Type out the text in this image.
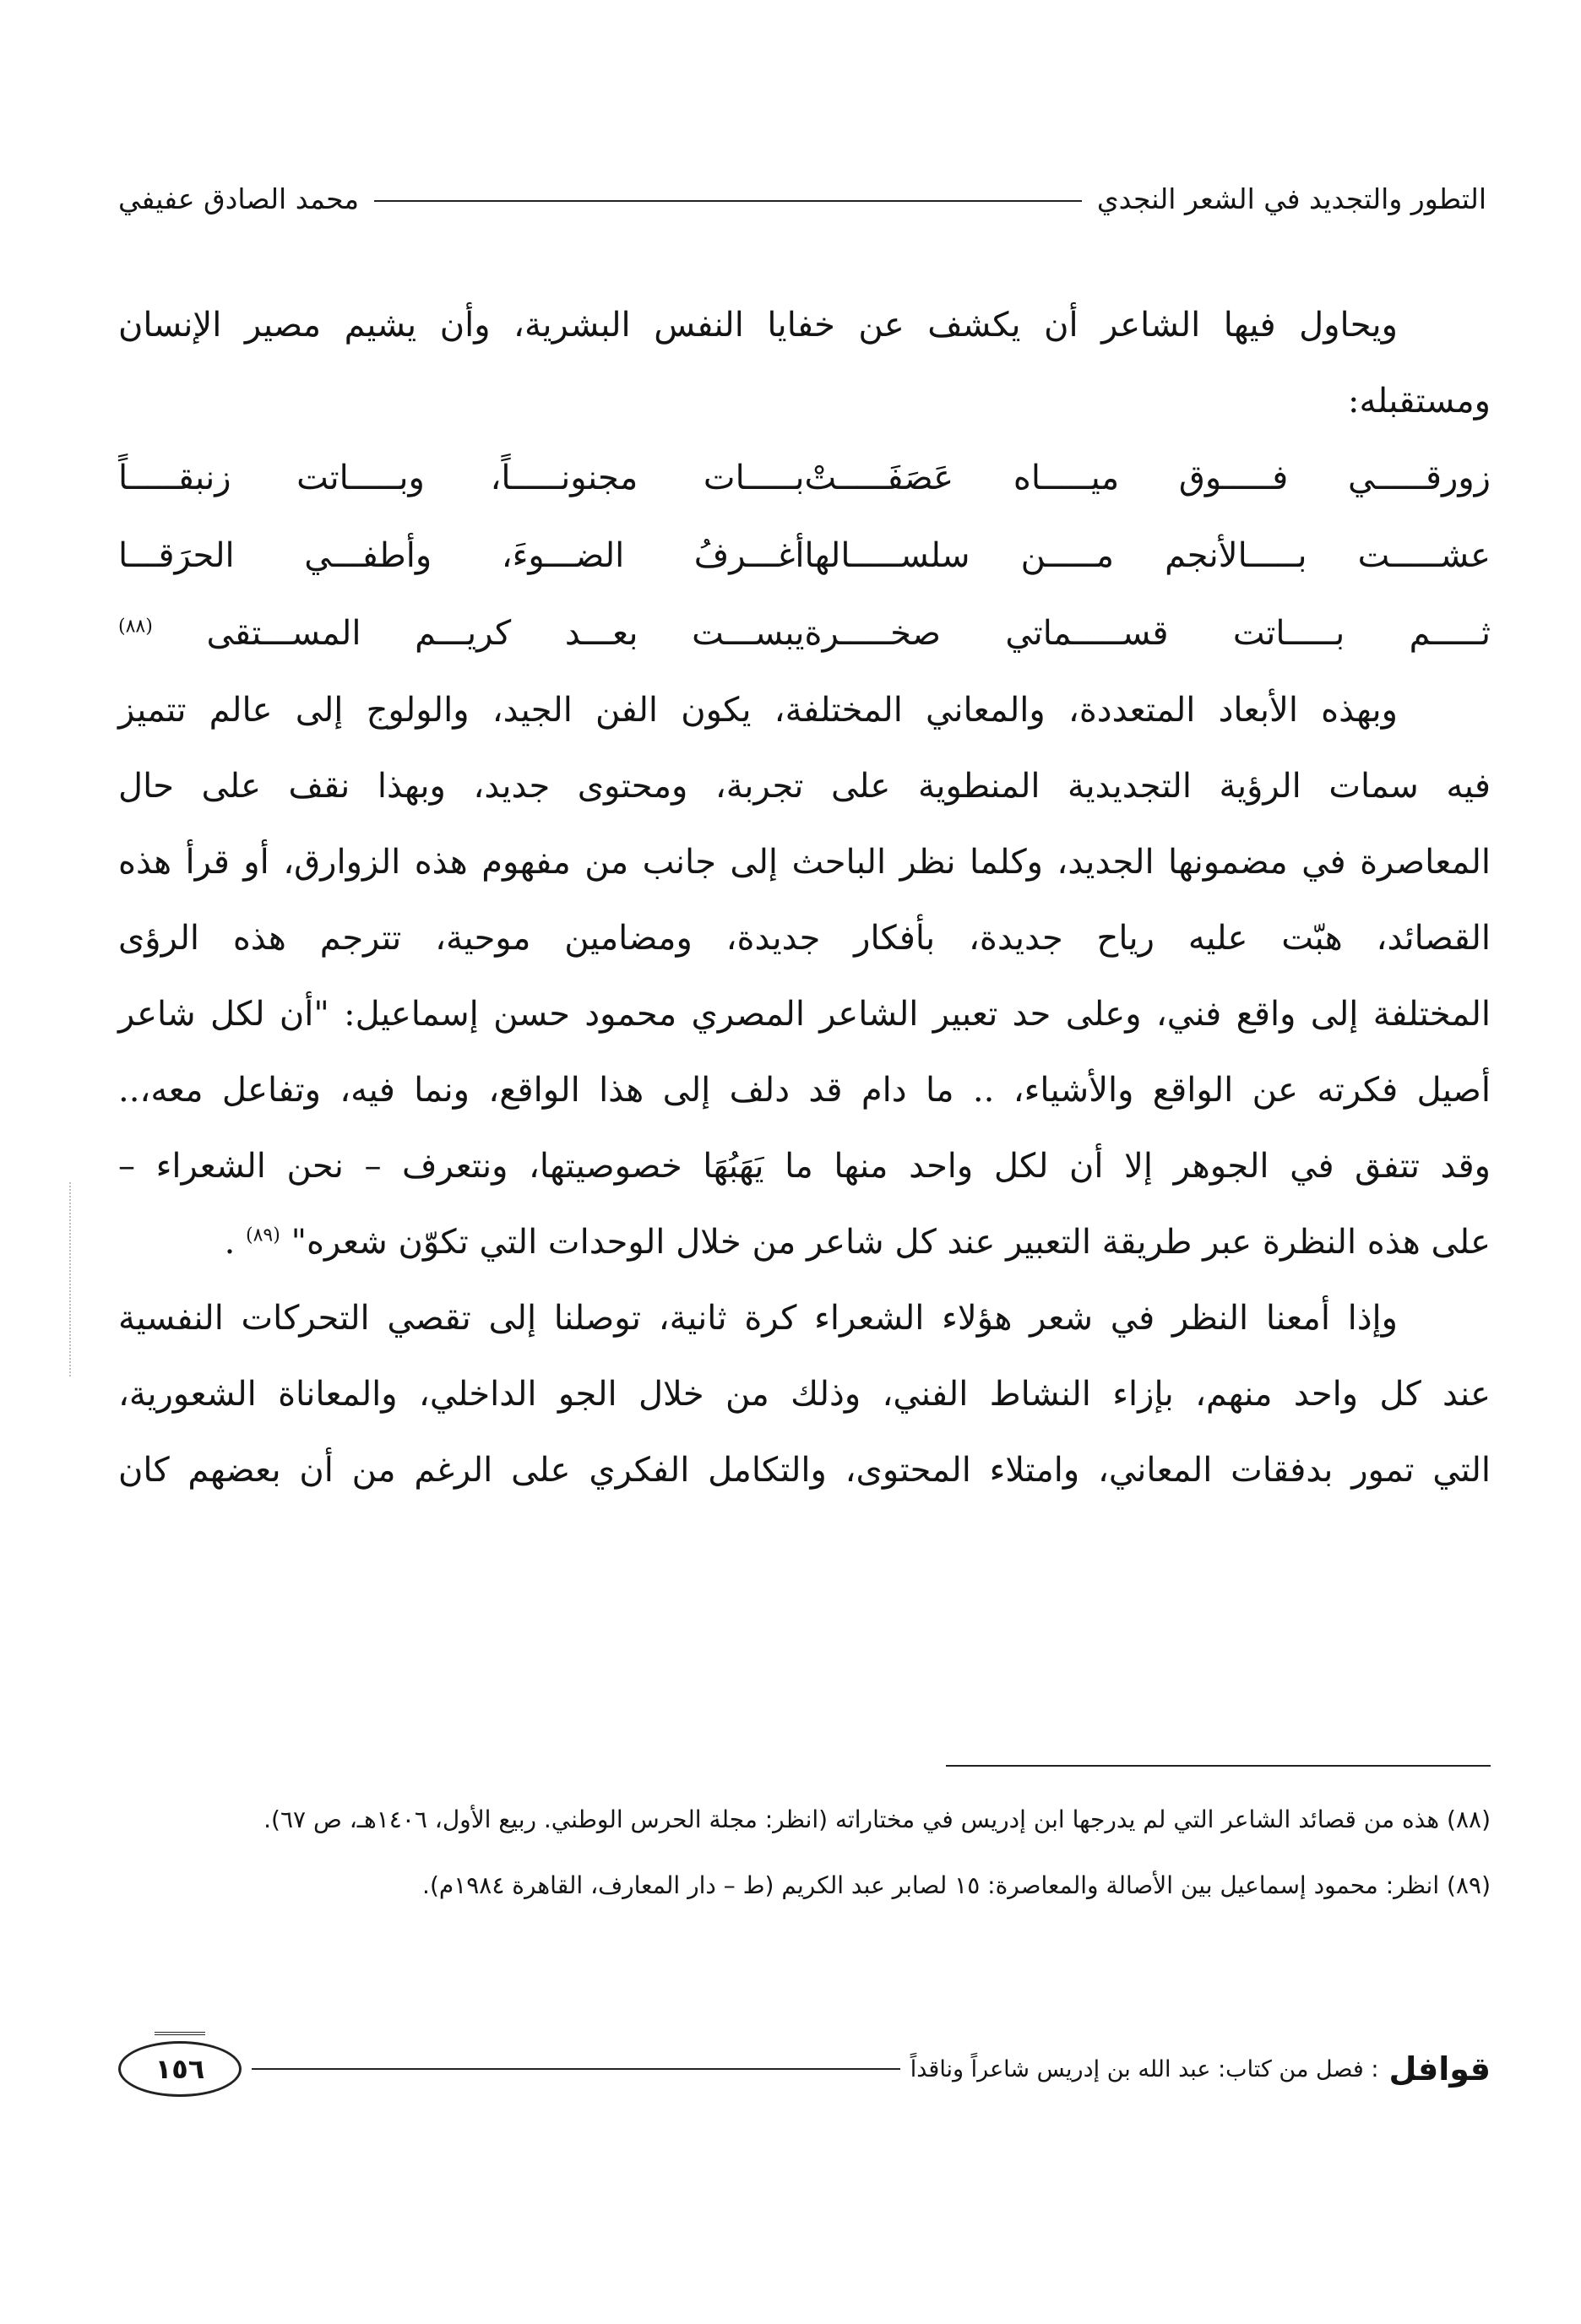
التطور والتجديد في الشعر النجدي
محمد الصادق عفيفي

ويحاول فيها الشاعر أن يكشف عن خفايا النفس البشرية، وأن يشيم مصير الإنسان

ومستقبله:

زورقـــــي فـــــوق ميـــــاه عَصَفَـــــتْ
بـــــات مجنونـــــاً، وبـــــاتت زنبقـــــاً
عشـــــت بـــــالأنجم مـــــن سلســـــالها
أغـــرفُ الضـــوءَ، وأطفـــي الحرَقـــا
ثـــــم بـــــاتت قســـــماتي صخـــــرة
يبســـت بعـــد كريـــم المســـتقى $^{(٨٨)}$

وبهذه الأبعاد المتعددة، والمعاني المختلفة، يكون الفن الجيد، والولوج إلى عالم تتميز

فيه سمات الرؤية التجديدية المنطوية على تجربة، ومحتوى جديد، وبهذا نقف على حال

المعاصرة في مضمونها الجديد، وكلما نظر الباحث إلى جانب من مفهوم هذه الزوارق، أو قرأ هذه

القصائد، هبّت عليه رياح جديدة، بأفكار جديدة، ومضامين موحية، تترجم هذه الرؤى

المختلفة إلى واقع فني، وعلى حد تعبير الشاعر المصري محمود حسن إسماعيل: "أن لكل شاعر

أصيل فكرته عن الواقع والأشياء، .. ما دام قد دلف إلى هذا الواقع، ونما فيه، وتفاعل معه،..

وقد تتفق في الجوهر إلا أن لكل واحد منها ما يَهَبُهَا خصوصيتها، ونتعرف – نحن الشعراء –

على هذه النظرة عبر طريقة التعبير عند كل شاعر من خلال الوحدات التي تكوّن شعره" $^{(٨٩)}$ .

وإذا أمعنا النظر في شعر هؤلاء الشعراء كرة ثانية، توصلنا إلى تقصي التحركات النفسية

عند كل واحد منهم، بإزاء النشاط الفني، وذلك من خلال الجو الداخلي، والمعاناة الشعورية،

التي تمور بدفقات المعاني، وامتلاء المحتوى، والتكامل الفكري على الرغم من أن بعضهم كان

(٨٨) هذه من قصائد الشاعر التي لم يدرجها ابن إدريس في مختاراته (انظر: مجلة الحرس الوطني. ربيع الأول، ١٤٠٦هـ، ص ٦٧).

(٨٩) انظر: محمود إسماعيل بين الأصالة والمعاصرة: ١٥ لصابر عبد الكريم (ط – دار المعارف، القاهرة ١٩٨٤م).

قوافل
: فصل من كتاب: عبد الله بن إدريس شاعراً وناقداً
١٥٦
